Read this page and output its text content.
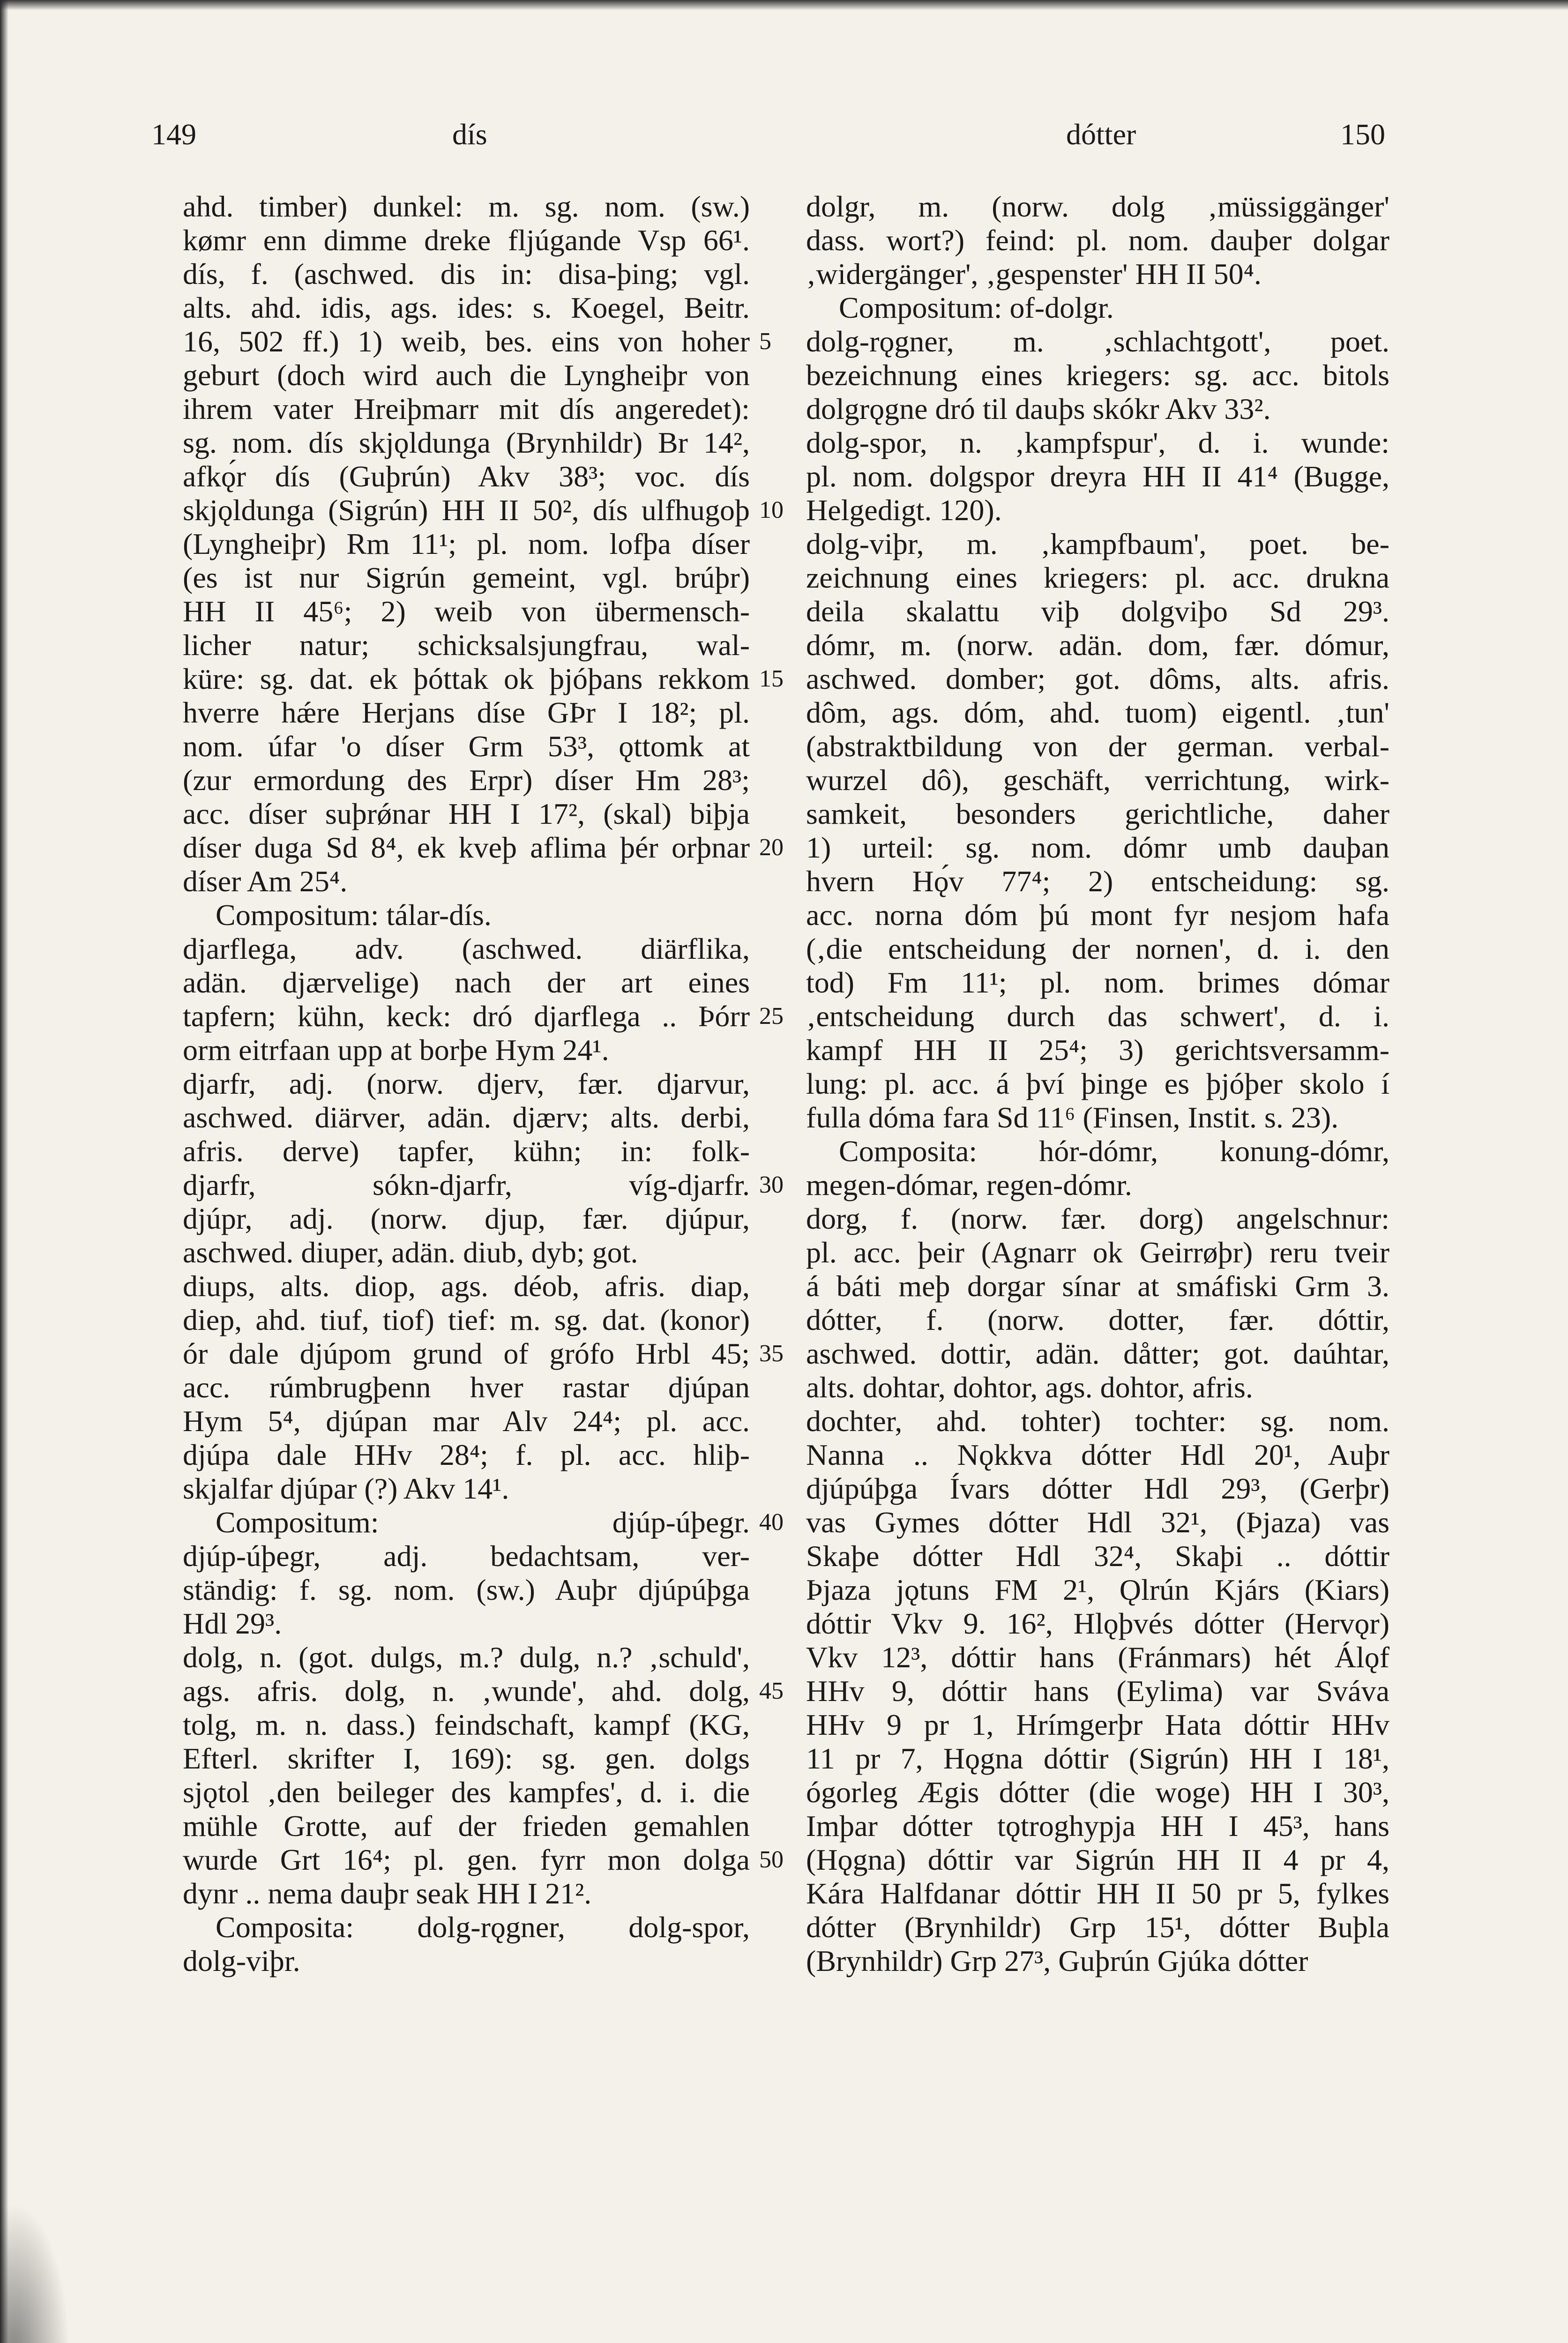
149	dís	dótter	150
ahd. timber) dunkel: m. sg. nom. (sw.)
kømr enn dimme dreke fljúgande Vsp 66¹.
dís, f. (aschwed. dis in: disa-þing; vgl.
alts. ahd. idis, ags. ides: s. Koegel, Beitr.
16, 502 ff.) 1) weib, bes. eins von hoher
geburt (doch wird auch die Lyngheiþr von
ihrem vater Hreiþmarr mit dís angeredet):
sg. nom. dís skjǫldunga (Brynhildr) Br 14²,
afkǫ́r dís (Guþrún) Akv 38³; voc. dís
skjǫldunga (Sigrún) HH II 50², dís ulfhugoþ
(Lyngheiþr) Rm 11¹; pl. nom. lofþa díser
(es ist nur Sigrún gemeint, vgl. brúþr)
HH II 45⁶; 2) weib von übermensch-
licher natur; schicksalsjungfrau, wal-
küre: sg. dat. ek þóttak ok þjóþans rekkom
hverre hǽre Herjans díse GÞr I 18²; pl.
nom. úfar 'o díser Grm 53³, ǫttomk at
(zur ermordung des Erpr) díser Hm 28³;
acc. díser suþrǿnar HH I 17², (skal) biþja
díser duga Sd 8⁴, ek kveþ aflima þér orþnar
díser Am 25⁴.
Compositum: tálar-dís.
djarflega, adv. (aschwed. diärflika,
adän. djærvelige) nach der art eines
tapfern; kühn, keck: dró djarflega .. Þórr
orm eitrfaan upp at borþe Hym 24¹.
djarfr, adj. (norw. djerv, fær. djarvur,
aschwed. diärver, adän. djærv; alts. derbi,
afris. derve) tapfer, kühn; in: folk-
djarfr, sókn-djarfr, víg-djarfr.
djúpr, adj. (norw. djup, fær. djúpur,
aschwed. diuper, adän. diub, dyb; got.
diups, alts. diop, ags. déob, afris. diap,
diep, ahd. tiuf, tiof) tief: m. sg. dat. (konor)
ór dale djúpom grund of grófo Hrbl 45;
acc. rúmbrugþenn hver rastar djúpan
Hym 5⁴, djúpan mar Alv 24⁴; pl. acc.
djúpa dale HHv 28⁴; f. pl. acc. hliþ-
skjalfar djúpar (?) Akv 14¹.
Compositum: djúp-úþegr.
djúp-úþegr, adj. bedachtsam, ver-
ständig: f. sg. nom. (sw.) Auþr djúpúþga
Hdl 29³.
dolg, n. (got. dulgs, m.? dulg, n.? ‚schuld',
ags. afris. dolg, n. ‚wunde', ahd. dolg,
tolg, m. n. dass.) feindschaft, kampf (KG,
Efterl. skrifter I, 169): sg. gen. dolgs
sjǫtol ‚den beileger des kampfes', d. i. die
mühle Grotte, auf der frieden gemahlen
wurde Grt 16⁴; pl. gen. fyrr mon dolga
dynr .. nema dauþr seak HH I 21².
Composita: dolg-rǫgner, dolg-spor,
dolg-viþr.
5
10
15
20
25
30
35
40
45
50
dolgr, m. (norw. dolg ‚müssiggänger'
dass. wort?) feind: pl. nom. dauþer dolgar
‚widergänger', ‚gespenster' HH II 50⁴.
Compositum: of-dolgr.
dolg-rǫgner, m. ‚schlachtgott', poet.
bezeichnung eines kriegers: sg. acc. bitols
dolgrǫgne dró til dauþs skókr Akv 33².
dolg-spor, n. ‚kampfspur', d. i. wunde:
pl. nom. dolgspor dreyra HH II 41⁴ (Bugge,
Helgedigt. 120).
dolg-viþr, m. ‚kampfbaum', poet. be-
zeichnung eines kriegers: pl. acc. drukna
deila skalattu viþ dolgviþo Sd 29³.
dómr, m. (norw. adän. dom, fær. dómur,
aschwed. domber; got. dôms, alts. afris.
dôm, ags. dóm, ahd. tuom) eigentl. ‚tun'
(abstraktbildung von der german. verbal-
wurzel dô), geschäft, verrichtung, wirk-
samkeit, besonders gerichtliche, daher
1) urteil: sg. nom. dómr umb dauþan
hvern Hǫ́v 77⁴; 2) entscheidung: sg.
acc. norna dóm þú mont fyr nesjom hafa
(‚die entscheidung der nornen', d. i. den
tod) Fm 11¹; pl. nom. brimes dómar
‚entscheidung durch das schwert', d. i.
kampf HH II 25⁴; 3) gerichtsversamm-
lung: pl. acc. á því þinge es þjóþer skolo í
fulla dóma fara Sd 11⁶ (Finsen, Instit. s. 23).
Composita: hór-dómr, konung-dómr,
megen-dómar, regen-dómr.
dorg, f. (norw. fær. dorg) angelschnur:
pl. acc. þeir (Agnarr ok Geirrøþr) reru tveir
á báti meþ dorgar sínar at smáfiski Grm 3.
dótter, f. (norw. dotter, fær. dóttir,
aschwed. dottir, adän. dåtter; got. daúhtar,
alts. dohtar, dohtor, ags. dohtor, afris.
dochter, ahd. tohter) tochter: sg. nom.
Nanna .. Nǫkkva dótter Hdl 20¹, Auþr
djúpúþga Ívars dótter Hdl 29³, (Gerþr)
vas Gymes dótter Hdl 32¹, (Þjaza) vas
Skaþe dótter Hdl 32⁴, Skaþi .. dóttir
Þjaza jǫtuns FM 2¹, Ǫlrún Kjárs (Kiars)
dóttir Vkv 9. 16², Hlǫþvés dótter (Hervǫr)
Vkv 12³, dóttir hans (Fránmars) hét Álǫf
HHv 9, dóttir hans (Eylima) var Sváva
HHv 9 pr 1, Hrímgerþr Hata dóttir HHv
11 pr 7, Hǫgna dóttir (Sigrún) HH I 18¹,
ógorleg Ægis dótter (die woge) HH I 30³,
Imþar dótter tǫtroghypja HH I 45³, hans
(Hǫgna) dóttir var Sigrún HH II 4 pr 4,
Kára Halfdanar dóttir HH II 50 pr 5, fylkes
dótter (Brynhildr) Grp 15¹, dótter Buþla
(Brynhildr) Grp 27³, Guþrún Gjúka dótter
